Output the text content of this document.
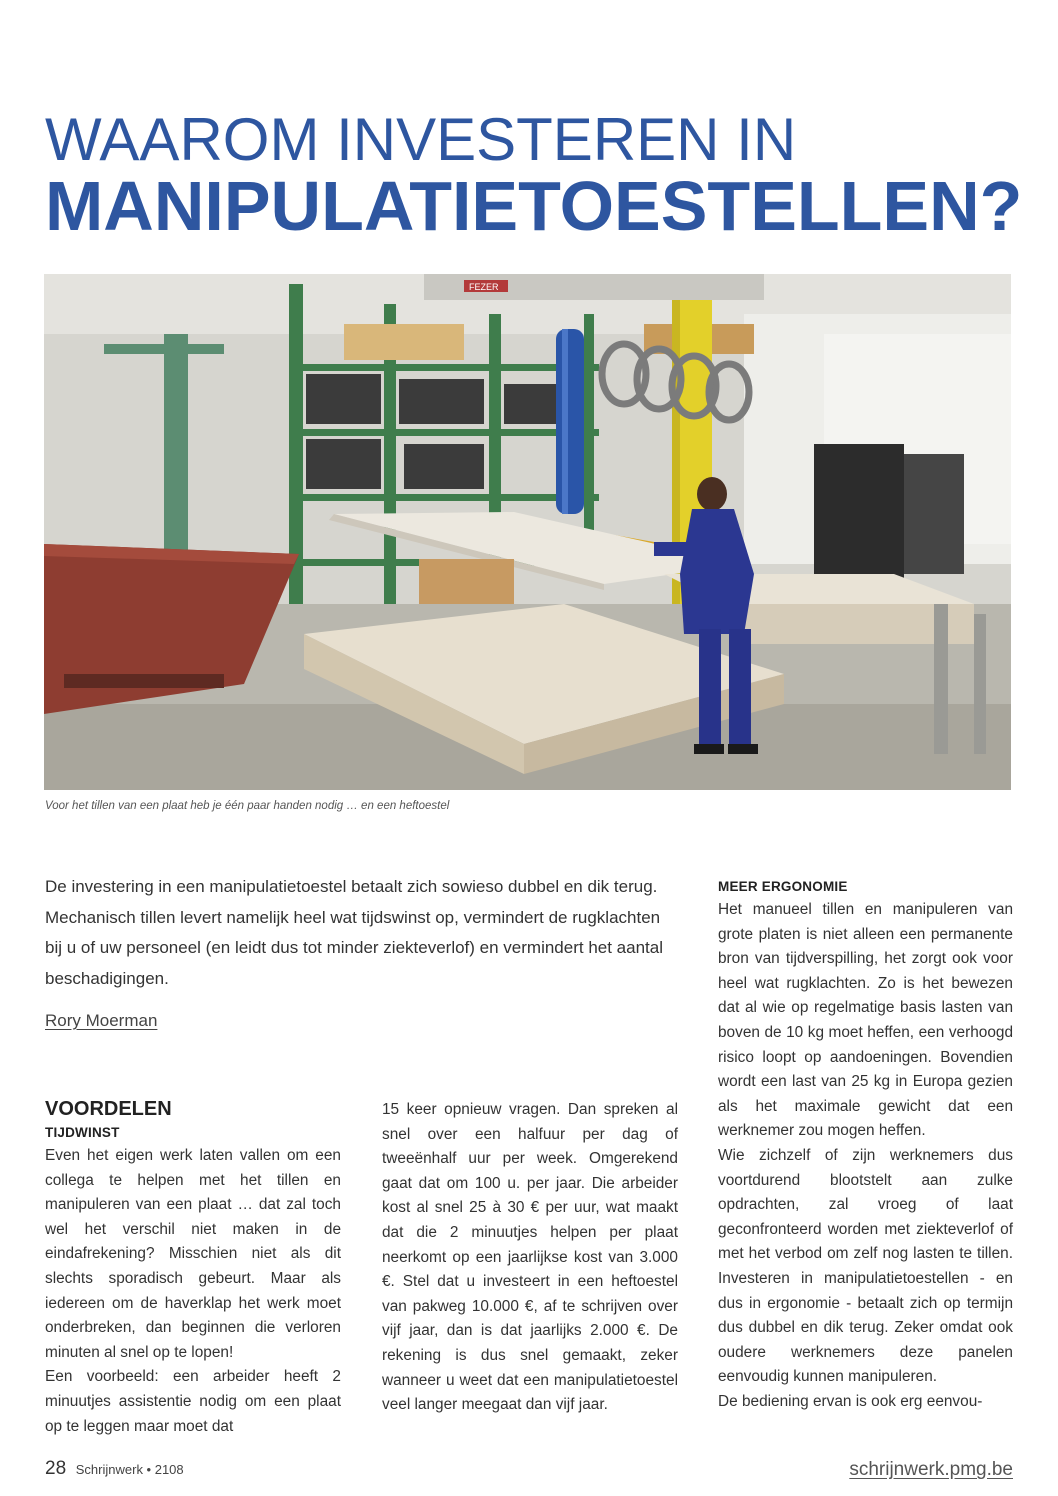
WAAROM INVESTEREN IN
MANIPULATIETOESTELLEN?
FEZER
Voor het tillen van een plaat heb je één paar handen nodig … en een heftoestel

De investering in een manipulatietoestel betaalt zich sowieso dubbel en dik terug. Mechanisch tillen levert namelijk heel wat tijdswinst op, vermindert de rugklachten bij u of uw personeel (en leidt dus tot minder ziekteverlof) en vermindert het aantal beschadigingen.

Rory Moerman
VOORDELEN
TIJDWINST

Even het eigen werk laten vallen om een collega te helpen met het tillen en manipuleren van een plaat … dat zal toch wel het verschil niet maken in de eindafrekening? Misschien niet als dit slechts sporadisch gebeurt. Maar als iedereen om de haverklap het werk moet onderbreken, dan beginnen die verloren minuten al snel op te lopen!

Een voorbeeld: een arbeider heeft 2 minuutjes assistentie nodig om een plaat op te leggen maar moet dat

15 keer opnieuw vragen. Dan spreken al snel over een halfuur per dag of tweeënhalf uur per week. Omgerekend gaat dat om 100 u. per jaar. Die arbeider kost al snel 25 à 30 € per uur, wat maakt dat die 2 minuutjes helpen per plaat neerkomt op een jaarlijkse kost van 3.000 €. Stel dat u investeert in een heftoestel van pakweg 10.000 €, af te schrijven over vijf jaar, dan is dat jaarlijks 2.000 €. De rekening is dus snel gemaakt, zeker wanneer u weet dat een manipulatietoestel veel langer meegaat dan vijf jaar.

MEER ERGONOMIE

Het manueel tillen en manipuleren van grote platen is niet alleen een permanente bron van tijdverspilling, het zorgt ook voor heel wat rugklachten. Zo is het bewezen dat al wie op regelmatige basis lasten van boven de 10 kg moet heffen, een verhoogd risico loopt op aandoeningen. Bovendien wordt een last van 25 kg in Europa gezien als het maximale gewicht dat een werknemer zou mogen heffen.

Wie zichzelf of zijn werknemers dus voortdurend blootstelt aan zulke opdrachten, zal vroeg of laat geconfronteerd worden met ziekteverlof of met het verbod om zelf nog lasten te tillen. Investeren in manipulatietoestellen - en dus in ergonomie - betaalt zich op termijn dus dubbel en dik terug. Zeker omdat ook oudere werknemers deze panelen eenvoudig kunnen manipuleren.

De bediening ervan is ook erg eenvou-

28 Schrijnwerk • 2108	schrijnwerk.pmg.be
